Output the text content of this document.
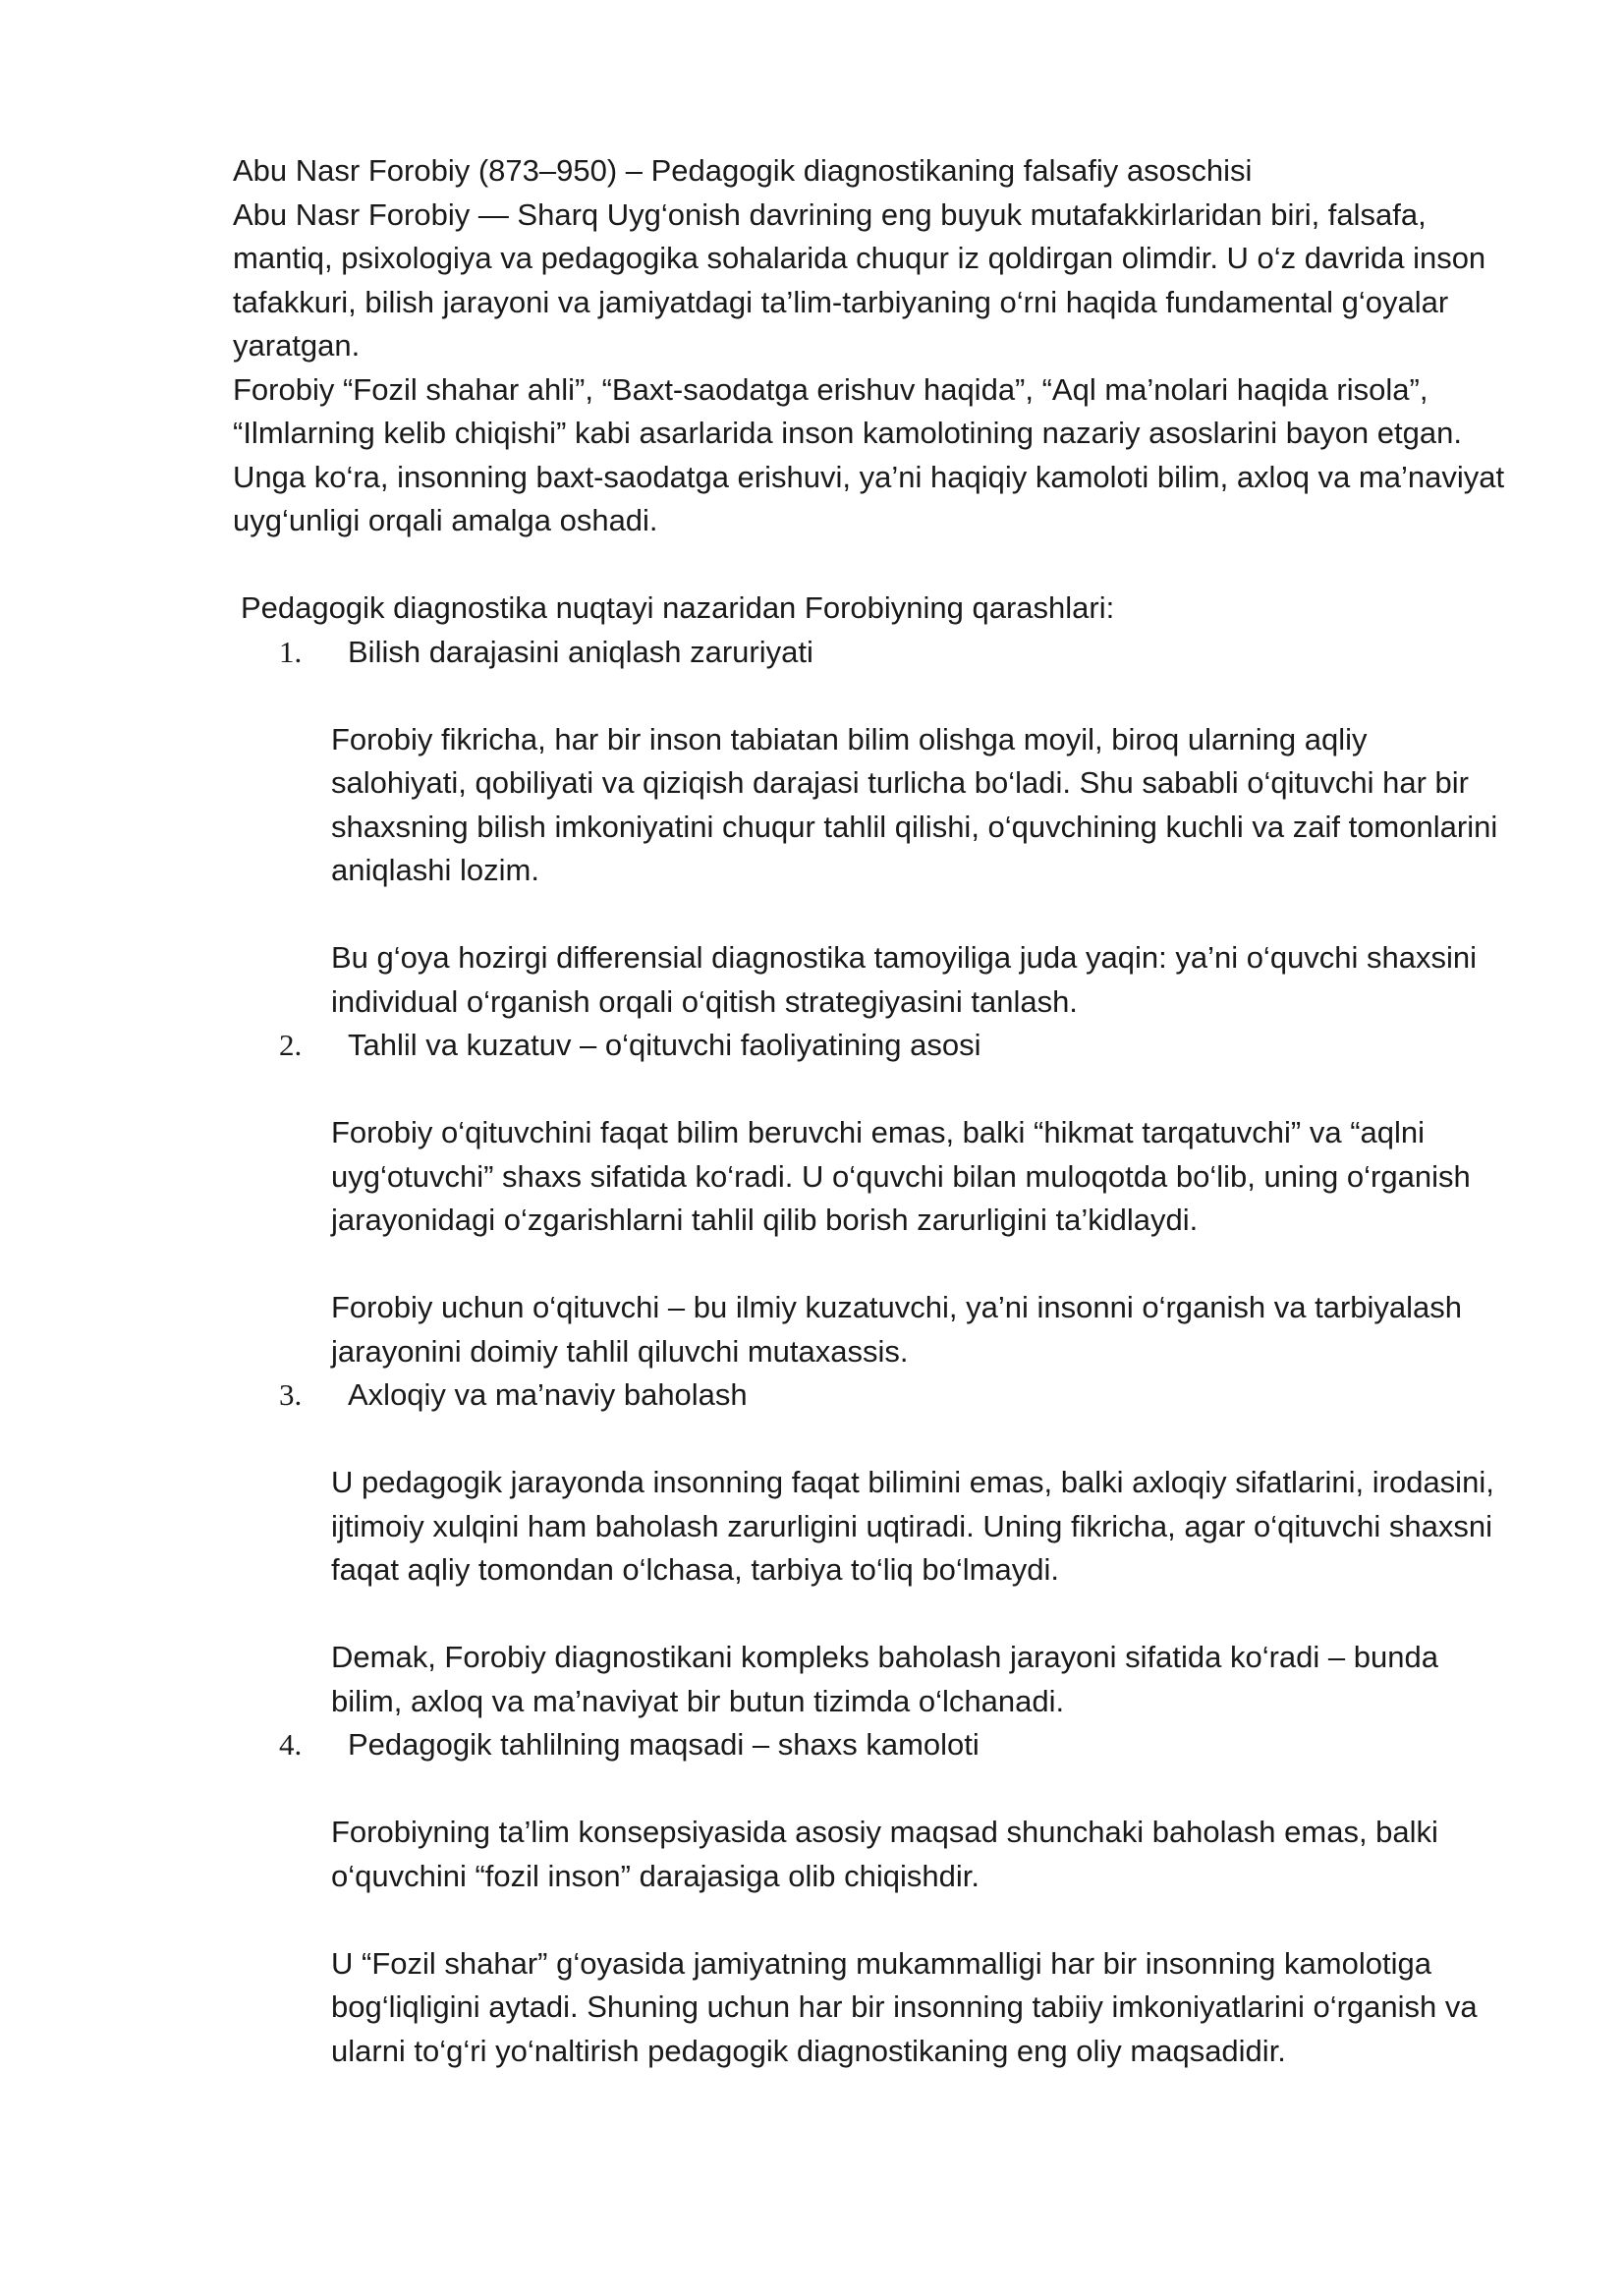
Abu Nasr Forobiy (873–950) – Pedagogik diagnostikaning falsafiy asoschisi

Abu Nasr Forobiy — Sharq Uyg‘onish davrining eng buyuk mutafakkirlaridan biri, falsafa, mantiq, psixologiya va pedagogika sohalarida chuqur iz qoldirgan olimdir. U o‘z davrida inson tafakkuri, bilish jarayoni va jamiyatdagi ta’lim-tarbiyaning o‘rni haqida fundamental g‘oyalar yaratgan.

Forobiy “Fozil shahar ahli”, “Baxt-saodatga erishuv haqida”, “Aql ma’nolari haqida risola”, “Ilmlarning kelib chiqishi” kabi asarlarida inson kamolotining nazariy asoslarini bayon etgan. Unga ko‘ra, insonning baxt-saodatga erishuvi, ya’ni haqiqiy kamoloti bilim, axloq va ma’naviyat uyg‘unligi orqali amalga oshadi.

Pedagogik diagnostika nuqtayi nazaridan Forobiyning qarashlari:

1. Bilish darajasini aniqlash zaruriyati

Forobiy fikricha, har bir inson tabiatan bilim olishga moyil, biroq ularning aqliy salohiyati, qobiliyati va qiziqish darajasi turlicha bo‘ladi. Shu sababli o‘qituvchi har bir shaxsning bilish imkoniyatini chuqur tahlil qilishi, o‘quvchining kuchli va zaif tomonlarini aniqlashi lozim.

Bu g‘oya hozirgi differensial diagnostika tamoyiliga juda yaqin: ya’ni o‘quvchi shaxsini individual o‘rganish orqali o‘qitish strategiyasini tanlash.

2. Tahlil va kuzatuv – o‘qituvchi faoliyatining asosi

Forobiy o‘qituvchini faqat bilim beruvchi emas, balki “hikmat tarqatuvchi” va “aqlni uyg‘otuvchi” shaxs sifatida ko‘radi. U o‘quvchi bilan muloqotda bo‘lib, uning o‘rganish jarayonidagi o‘zgarishlarni tahlil qilib borish zarurligini ta’kidlaydi.

Forobiy uchun o‘qituvchi – bu ilmiy kuzatuvchi, ya’ni insonni o‘rganish va tarbiyalash jarayonini doimiy tahlil qiluvchi mutaxassis.

3. Axloqiy va ma’naviy baholash

U pedagogik jarayonda insonning faqat bilimini emas, balki axloqiy sifatlarini, irodasini, ijtimoiy xulqini ham baholash zarurligini uqtiradi. Uning fikricha, agar o‘qituvchi shaxsni faqat aqliy tomondan o‘lchasa, tarbiya to‘liq bo‘lmaydi.

Demak, Forobiy diagnostikani kompleks baholash jarayoni sifatida ko‘radi – bunda bilim, axloq va ma’naviyat bir butun tizimda o‘lchanadi.

4. Pedagogik tahlilning maqsadi – shaxs kamoloti

Forobiyning ta’lim konsepsiyasida asosiy maqsad shunchaki baholash emas, balki o‘quvchini “fozil inson” darajasiga olib chiqishdir.

U “Fozil shahar” g‘oyasida jamiyatning mukammalligi har bir insonning kamolotiga bog‘liqligini aytadi. Shuning uchun har bir insonning tabiiy imkoniyatlarini o‘rganish va ularni to‘g‘ri yo‘naltirish pedagogik diagnostikaning eng oliy maqsadidir.
